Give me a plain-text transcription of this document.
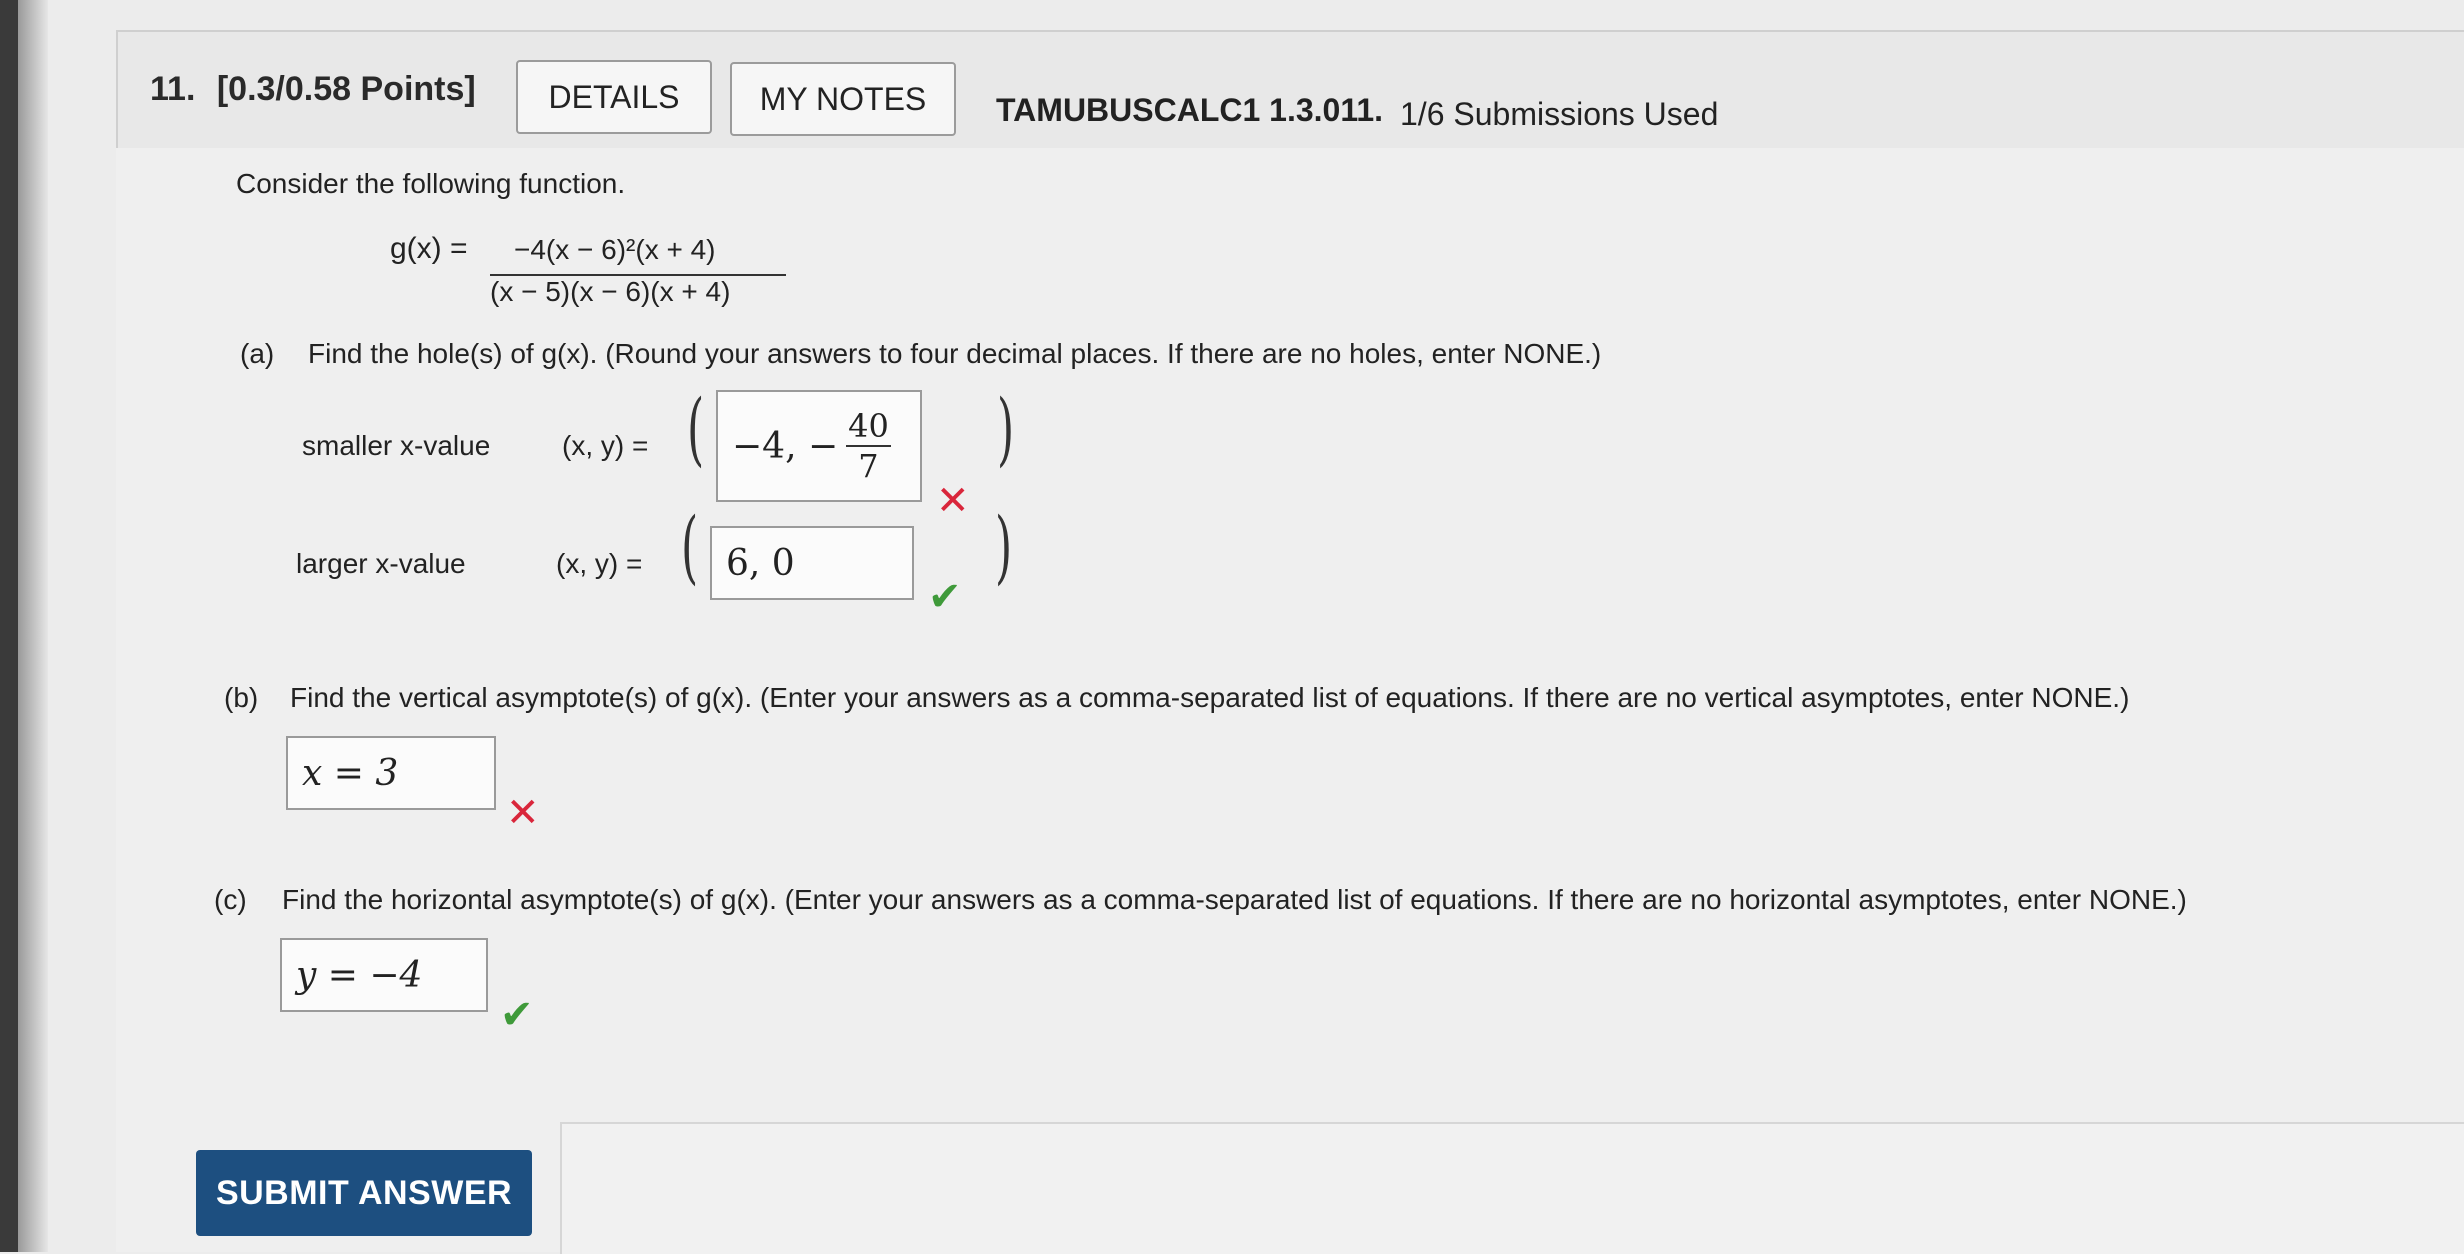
11. [0.3/0.58 Points]	DETAILS	MY NOTES	TAMUBUSCALC1 1.3.011. 1/6 Submissions Used
Consider the following function.
g(x) = −4(x − 6)²(x + 4)
(x − 5)(x − 6)(x + 4)
(a) Find the hole(s) of g(x). (Round your answers to four decimal places. If there are no holes, enter NONE.)
smaller x-value	(x, y) = ( −4, − $\frac{40}{7}$ )
✕
larger x-value	(x, y) = ( 6, 0	)
✔
(b) Find the vertical asymptote(s) of g(x). (Enter your answers as a comma-separated list of equations. If there are no vertical asymptotes, enter NONE.)
x = 3
✕
(c) Find the horizontal asymptote(s) of g(x). (Enter your answers as a comma-separated list of equations. If there are no horizontal asymptotes, enter NONE.)
y = −4
✔
SUBMIT ANSWER
